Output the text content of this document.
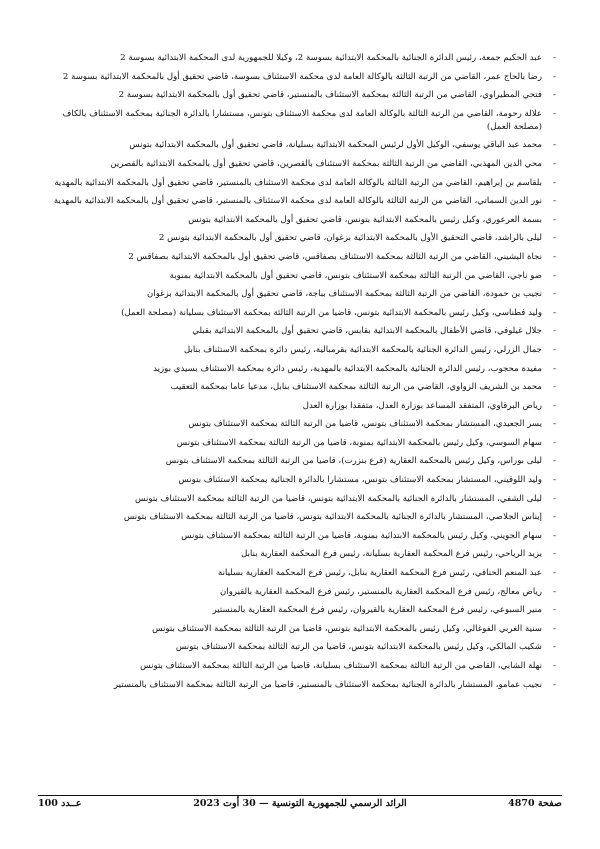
-
عبد الحكيم جمعة، رئيس الدائرة الجنائية بالمحكمة الابتدائية بسوسة 2، وكيلا للجمهورية لدى المحكمة الابتدائية بسوسة 2
-
رضا بالحاج عمر، القاضي من الرتبة الثالثة بالوكالة العامة لدى محكمة الاستئناف بسوسة، قاضي تحقيق أول بالمحكمة الابتدائية بسوسة 2
-
فتحي المطيراوي، القاضي من الرتبة الثالثة بمحكمة الاستئناف بالمنستير، قاضي تحقيق أول بالمحكمة الابتدائية بسوسة 2
-
علالة رحومة، القاضي من الرتبة الثالثة بالوكالة العامة لدى محكمة الاستئناف بتونس، مستشارا بالدائرة الجنائية بمحكمة الاستئناف بالكاف (مصلحة العمل)
-
محمد عبد الباقي يوسفي، الوكيل الأول لرئيس المحكمة الابتدائية بسليانة، قاضي تحقيق أول بالمحكمة الابتدائية بتونس
-
محي الدين المهذبي، القاضي من الرتبة الثالثة بمحكمة الاستئناف بالقصرين، قاضي تحقيق أول بالمحكمة الابتدائية بالقصرين
-
بلقاسم بن إبراهيم، القاضي من الرتبة الثالثة بالوكالة العامة لدى محكمة الاستئناف بالمنستير، قاضي تحقيق أول بالمحكمة الابتدائية بالمهدية
-
نور الدين السماتي، القاضي من الرتبة الثالثة بالوكالة العامة لدى محكمة الاستئناف بالمنستير، قاضي تحقيق أول بالمحكمة الابتدائية بالمهدية
-
بسمة العرعوري، وكيل رئيس بالمحكمة الابتدائية بتونس، قاضي تحقيق أول بالمحكمة الابتدائية بتونس
-
ليلى بالراشد، قاضي التحقيق الأول بالمحكمة الابتدائية بزغوان، قاضي تحقيق أول بالمحكمة الابتدائية بتونس 2
-
نجاة البشيني، القاضي من الرتبة الثالثة بمحكمة الاستئناف بصفاقس، قاضي تحقيق أول بالمحكمة الابتدائية بصفاقس 2
-
ضو ناجي، القاضي من الرتبة الثالثة بمحكمة الاستئناف بتونس، قاضي تحقيق أول بالمحكمة الابتدائية بمنوبة
-
نجيب بن حمودة، القاضي من الرتبة الثالثة بمحكمة الاستئناف بباجة، قاضي تحقيق أول بالمحكمة الابتدائية بزغوان
-
وليد فطناسي، وكيل رئيس بالمحكمة الابتدائية بتونس، قاضيا من الرتبة الثالثة بمحكمة الاستئناف بسليانة (مصلحة العمل)
-
جلال غيلوفي، قاضي الأطفال بالمحكمة الابتدائية بقابس، قاضي تحقيق أول بالمحكمة الابتدائية بقبلي
-
جمال الزرلي، رئيس الدائرة الجنائية بالمحكمة الابتدائية بقرمبالية، رئيس دائرة بمحكمة الاستئناف بنابل
-
مفيدة محجوب، رئيس الدائرة الجنائية بالمحكمة الابتدائية بالمهدية، رئيس دائرة بمحكمة الاستئناف بسيدي بوزيد
-
محمد بن الشريف الزواوي، القاضي من الرتبة الثالثة بمحكمة الاستئناف بنابل، مدعيا عاما بمحكمة التعقيب
-
رياض البرقاوي، المتفقد المساعد بوزارة العدل، متفقدا بوزارة العدل
-
يسر الجعيدي، المستشار بمحكمة الاستئناف بتونس، قاضيا من الرتبة الثالثة بمحكمة الاستئناف بتونس
-
سهام السوسي، وكيل رئيس بالمحكمة الابتدائية بمنوبة، قاضيا من الرتبة الثالثة بمحكمة الاستئناف بتونس
-
ليلى بوراس، وكيل رئيس بالمحكمة العقارية (فرع بنزرت)، قاضيا من الرتبة الثالثة بمحكمة الاستئناف بتونس
-
وليد اللوقيني، المستشار بمحكمة الاستئناف بتونس، مستشارا بالدائرة الجنائية بمحكمة الاستئناف بتونس
-
ليلى الشفي، المستشار بالدائرة الجنائية بالمحكمة الابتدائية بتونس، قاضيا من الرتبة الثالثة بمحكمة الاستئناف بتونس
-
إيناس الجلاصي، المستشار بالدائرة الجنائية بالمحكمة الابتدائية بتونس، قاضيا من الرتبة الثالثة بمحكمة الاستئناف بتونس
-
سهام الجويني، وكيل رئيس بالمحكمة الابتدائية بمنوبة، قاضيا من الرتبة الثالثة بمحكمة الاستئناف بتونس
-
يزيد الرياحي، رئيس فرع المحكمة العقارية بسليانة، رئيس فرع المحكمة العقارية بنابل
-
عبد المنعم الحنافي، رئيس فرع المحكمة العقارية بنابل، رئيس فرع المحكمة العقارية بسليانة
-
رياض معالج، رئيس فرع المحكمة العقارية بالمنستير، رئيس فرع المحكمة العقارية بالقيروان
-
منير السبوعي، رئيس فرع المحكمة العقارية بالقيروان، رئيس فرع المحكمة العقارية بالمنستير
-
سنية الغربي الفوغالي، وكيل رئيس بالمحكمة الابتدائية بتونس، قاضيا من الرتبة الثالثة بمحكمة الاستئناف بتونس
-
شكيب المالكي، وكيل رئيس بالمحكمة الابتدائية بتونس، قاضيا من الرتبة الثالثة بمحكمة الاستئناف بتونس
-
نهلة الشابي، القاضي من الرتبة الثالثة بمحكمة الاستئناف بسليانة، قاضيا من الرتبة الثالثة بمحكمة الاستئناف بتونس
-
نجيب عمامو، المستشار بالدائرة الجنائية بمحكمة الاستئناف بالمنستير، قاضيا من الرتبة الثالثة بمحكمة الاستئناف بالمنستير
صفحة 4870
الرائد الرسمي للجمهورية التونسية — 30 أوت 2023
عــدد 100
